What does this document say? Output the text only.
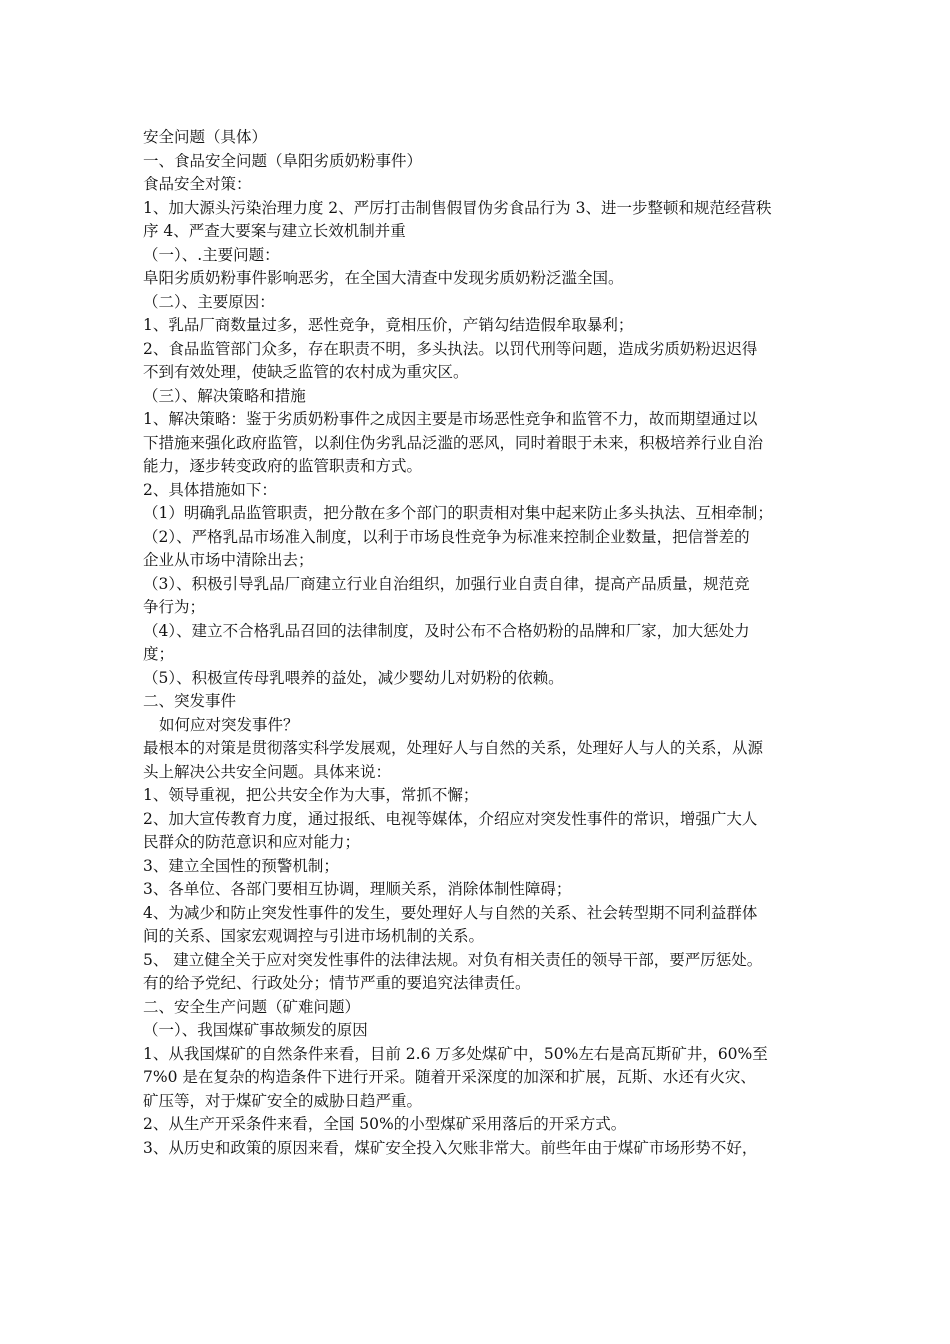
安全问题（具体）
一、食品安全问题（阜阳劣质奶粉事件）
食品安全对策：
1、加大源头污染治理力度 2、严厉打击制售假冒伪劣食品行为 3、进一步整顿和规范经营秩
序 4、严查大要案与建立长效机制并重
（一）、.主要问题：
阜阳劣质奶粉事件影响恶劣，在全国大清查中发现劣质奶粉泛滥全国。
（二）、主要原因：
1、乳品厂商数量过多，恶性竞争，竟相压价，产销勾结造假牟取暴利；
2、食品监管部门众多，存在职责不明，多头执法。以罚代刑等问题，造成劣质奶粉迟迟得
不到有效处理，使缺乏监管的农村成为重灾区。
（三）、解决策略和措施
1、解决策略：鉴于劣质奶粉事件之成因主要是市场恶性竞争和监管不力，故而期望通过以
下措施来强化政府监管，以刹住伪劣乳品泛滥的恶风，同时着眼于未来，积极培养行业自治
能力，逐步转变政府的监管职责和方式。
2、具体措施如下：
（1）明确乳品监管职责，把分散在多个部门的职责相对集中起来防止多头执法、互相牵制；
（2）、严格乳品市场准入制度，以利于市场良性竞争为标准来控制企业数量，把信誉差的
企业从市场中清除出去；
（3）、积极引导乳品厂商建立行业自治组织，加强行业自责自律，提高产品质量，规范竞
争行为；
（4）、建立不合格乳品召回的法律制度，及时公布不合格奶粉的品牌和厂家，加大惩处力
度；
（5）、积极宣传母乳喂养的益处，减少婴幼儿对奶粉的依赖。
二、突发事件
如何应对突发事件？
最根本的对策是贯彻落实科学发展观，处理好人与自然的关系，处理好人与人的关系，从源
头上解决公共安全问题。具体来说：
1、领导重视，把公共安全作为大事，常抓不懈；
2、加大宣传教育力度，通过报纸、电视等媒体，介绍应对突发性事件的常识，增强广大人
民群众的防范意识和应对能力；
3、建立全国性的预警机制；
3、各单位、各部门要相互协调，理顺关系，消除体制性障碍；
4、为减少和防止突发性事件的发生，要处理好人与自然的关系、社会转型期不同利益群体
间的关系、国家宏观调控与引进市场机制的关系。
5、 建立健全关于应对突发性事件的法律法规。对负有相关责任的领导干部，要严厉惩处。
有的给予党纪、行政处分；情节严重的要追究法律责任。
二、安全生产问题（矿难问题）
（一）、我国煤矿事故频发的原因
1、从我国煤矿的自然条件来看，目前 2.6 万多处煤矿中，50%左右是高瓦斯矿井，60%至
7%0 是在复杂的构造条件下进行开采。随着开采深度的加深和扩展，瓦斯、水还有火灾、
矿压等，对于煤矿安全的威胁日趋严重。
2、从生产开采条件来看，全国 50%的小型煤矿采用落后的开采方式。
3、从历史和政策的原因来看，煤矿安全投入欠账非常大。前些年由于煤矿市场形势不好，
